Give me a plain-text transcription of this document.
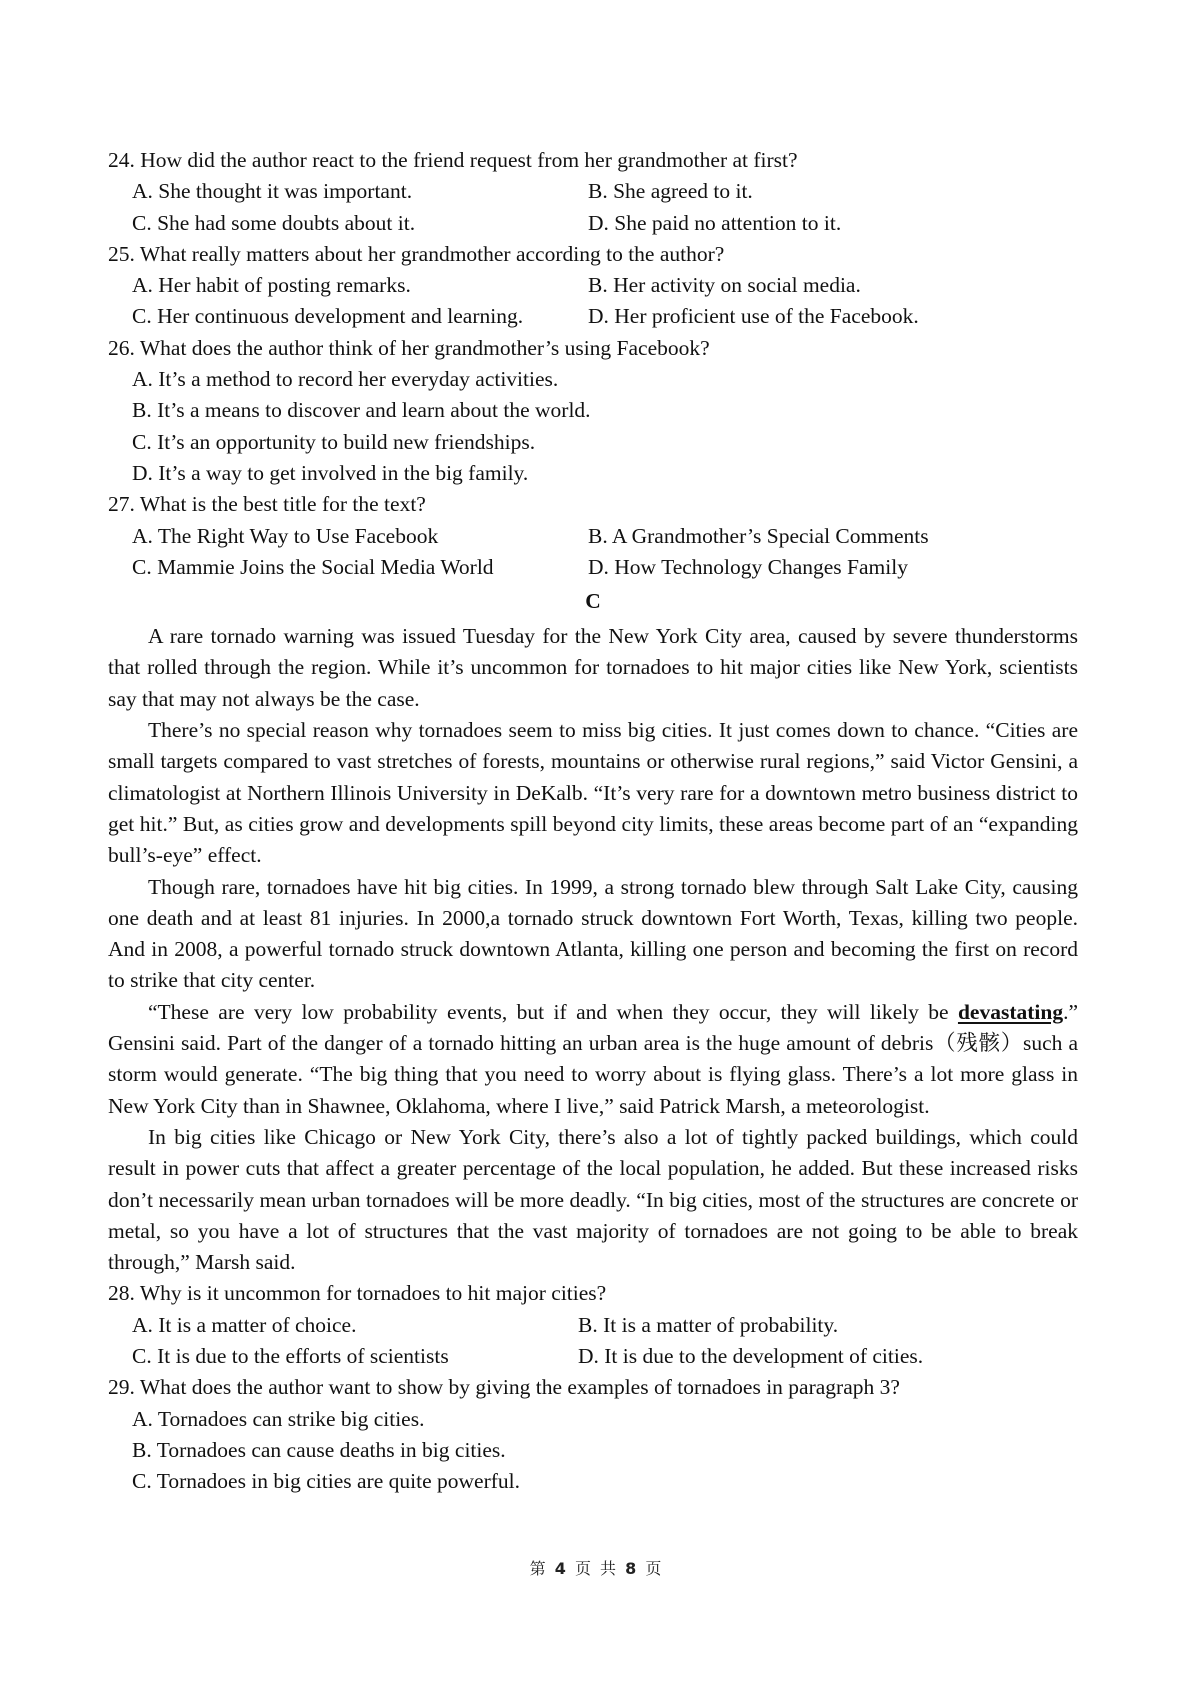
24. How did the author react to the friend request from her grandmother at first?
A. She thought it was important.	B. She agreed to it.
C. She had some doubts about it.	D. She paid no attention to it.
25. What really matters about her grandmother according to the author?
A. Her habit of posting remarks.	B. Her activity on social media.
C. Her continuous development and learning.	D. Her proficient use of the Facebook.
26. What does the author think of her grandmother’s using Facebook?
A. It’s a method to record her everyday activities.
B. It’s a means to discover and learn about the world.
C. It’s an opportunity to build new friendships.
D. It’s a way to get involved in the big family.
27. What is the best title for the text?
A. The Right Way to Use Facebook	B. A Grandmother’s Special Comments
C. Mammie Joins the Social Media World	D. How Technology Changes Family
C

A rare tornado warning was issued Tuesday for the New York City area, caused by severe thunderstorms that rolled through the region. While it’s uncommon for tornadoes to hit major cities like New York, scientists say that may not always be the case.

There’s no special reason why tornadoes seem to miss big cities. It just comes down to chance. “Cities are small targets compared to vast stretches of forests, mountains or otherwise rural regions,” said Victor Gensini, a climatologist at Northern Illinois University in DeKalb. “It’s very rare for a downtown metro business district to get hit.” But, as cities grow and developments spill beyond city limits, these areas become part of an “expanding bull’s-eye” effect.

Though rare, tornadoes have hit big cities. In 1999, a strong tornado blew through Salt Lake City, causing one death and at least 81 injuries. In 2000,a tornado struck downtown Fort Worth, Texas, killing two people. And in 2008, a powerful tornado struck downtown Atlanta, killing one person and becoming the first on record to strike that city center.

“These are very low probability events, but if and when they occur, they will likely be devastating.” Gensini said. Part of the danger of a tornado hitting an urban area is the huge amount of debris（残骸）such a storm would generate. “The big thing that you need to worry about is flying glass. There’s a lot more glass in New York City than in Shawnee, Oklahoma, where I live,” said Patrick Marsh, a meteorologist.

In big cities like Chicago or New York City, there’s also a lot of tightly packed buildings, which could result in power cuts that affect a greater percentage of the local population, he added. But these increased risks don’t necessarily mean urban tornadoes will be more deadly. “In big cities, most of the structures are concrete or metal, so you have a lot of structures that the vast majority of tornadoes are not going to be able to break through,” Marsh said.

28. Why is it uncommon for tornadoes to hit major cities?
A. It is a matter of choice.	B. It is a matter of probability.
C. It is due to the efforts of scientists	D. It is due to the development of cities.
29. What does the author want to show by giving the examples of tornadoes in paragraph 3?
A. Tornadoes can strike big cities.
B. Tornadoes can cause deaths in big cities.
C. Tornadoes in big cities are quite powerful.
第 4 页 共 8 页
